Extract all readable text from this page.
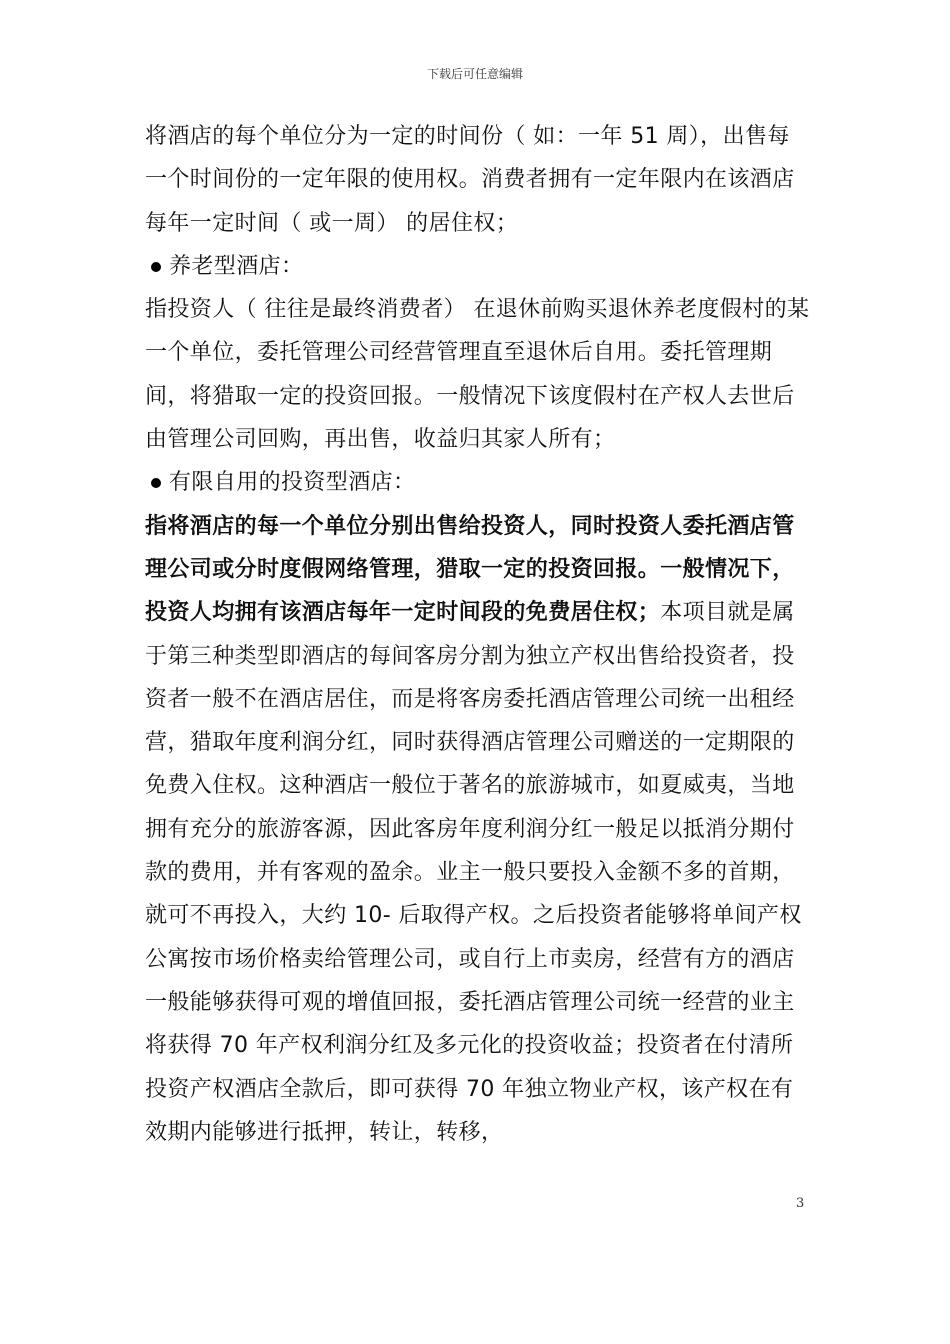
下载后可任意编辑

将酒店的每个单位分为一定的时间份（ 如：一年 51 周），出售每一个时间份的一定年限的使用权。消费者拥有一定年限内在该酒店每年一定时间（ 或一周） 的居住权；

养老型酒店：

指投资人（ 往往是最终消费者） 在退休前购买退休养老度假村的某一个单位，委托管理公司经营管理直至退休后自用。委托管理期间，将猎取一定的投资回报。一般情况下该度假村在产权人去世后由管理公司回购，再出售，收益归其家人所有；

有限自用的投资型酒店：

指将酒店的每一个单位分别出售给投资人，同时投资人委托酒店管理公司或分时度假网络管理，猎取一定的投资回报。一般情况下，投资人均拥有该酒店每年一定时间段的免费居住权；本项目就是属于第三种类型即酒店的每间客房分割为独立产权出售给投资者，投资者一般不在酒店居住，而是将客房委托酒店管理公司统一出租经营，猎取年度利润分红，同时获得酒店管理公司赠送的一定期限的免费入住权。这种酒店一般位于著名的旅游城市，如夏威夷，当地拥有充分的旅游客源，因此客房年度利润分红一般足以抵消分期付款的费用，并有客观的盈余。业主一般只要投入金额不多的首期，就可不再投入，大约 10- 后取得产权。之后投资者能够将单间产权公寓按市场价格卖给管理公司，或自行上市卖房，经营有方的酒店一般能够获得可观的增值回报，委托酒店管理公司统一经营的业主将获得 70 年产权利润分红及多元化的投资收益；投资者在付清所投资产权酒店全款后，即可获得 70 年独立物业产权，该产权在有效期内能够进行抵押，转让，转移，

3
